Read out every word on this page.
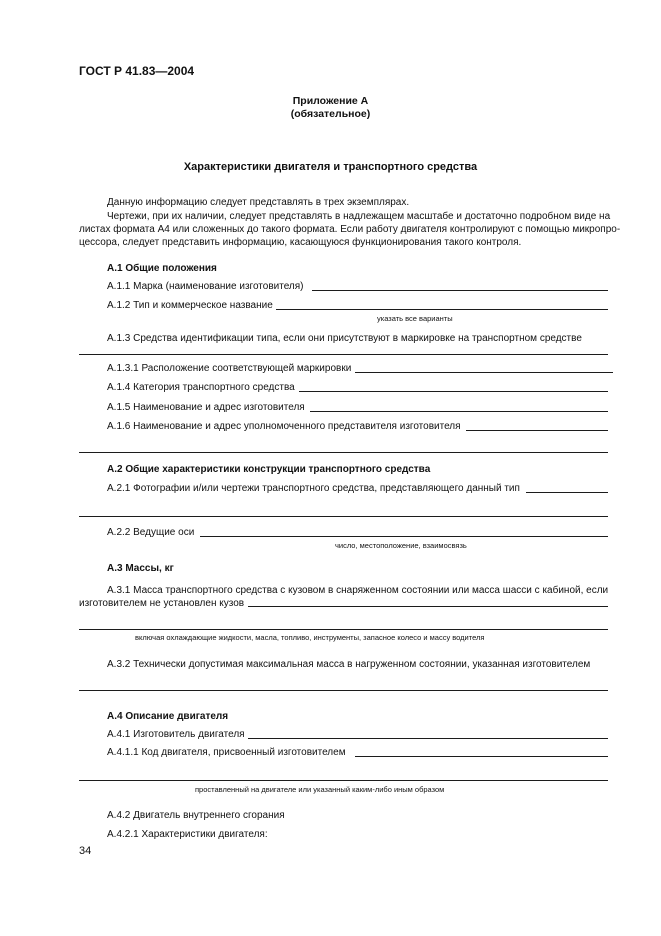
ГОСТ Р 41.83—2004
Приложение А
(обязательное)
Характеристики двигателя и транспортного средства
Данную информацию следует представлять в трех экземплярах.
Чертежи, при их наличии, следует представлять в надлежащем масштабе и достаточно подробном виде на
листах формата А4 или сложенных до такого формата. Если работу двигателя контролируют с помощью микропро-
цессора, следует представить информацию, касающуюся функционирования такого контроля.
А.1 Общие положения
А.1.1 Марка (наименование изготовителя)
А.1.2 Тип и коммерческое название
указать все варианты
А.1.3 Средства идентификации типа, если они присутствуют в маркировке на транспортном средстве
А.1.3.1 Расположение соответствующей маркировки
А.1.4 Категория транспортного средства
А.1.5 Наименование и адрес изготовителя
А.1.6 Наименование и адрес уполномоченного представителя изготовителя
А.2 Общие характеристики конструкции транспортного средства
А.2.1 Фотографии и/или чертежи транспортного средства, представляющего данный тип
А.2.2 Ведущие оси
число, местоположение, взаимосвязь
А.3 Массы, кг
А.3.1 Масса транспортного средства с кузовом в снаряженном состоянии или масса шасси с кабиной, если
изготовителем не установлен кузов
включая охлаждающие жидкости, масла, топливо, инструменты, запасное колесо и массу водителя
А.3.2 Технически допустимая максимальная масса в нагруженном состоянии, указанная изготовителем
А.4 Описание двигателя
А.4.1 Изготовитель двигателя
А.4.1.1 Код двигателя, присвоенный изготовителем
проставленный на двигателе или указанный каким-либо иным образом
А.4.2 Двигатель внутреннего сгорания
А.4.2.1 Характеристики двигателя:
34
